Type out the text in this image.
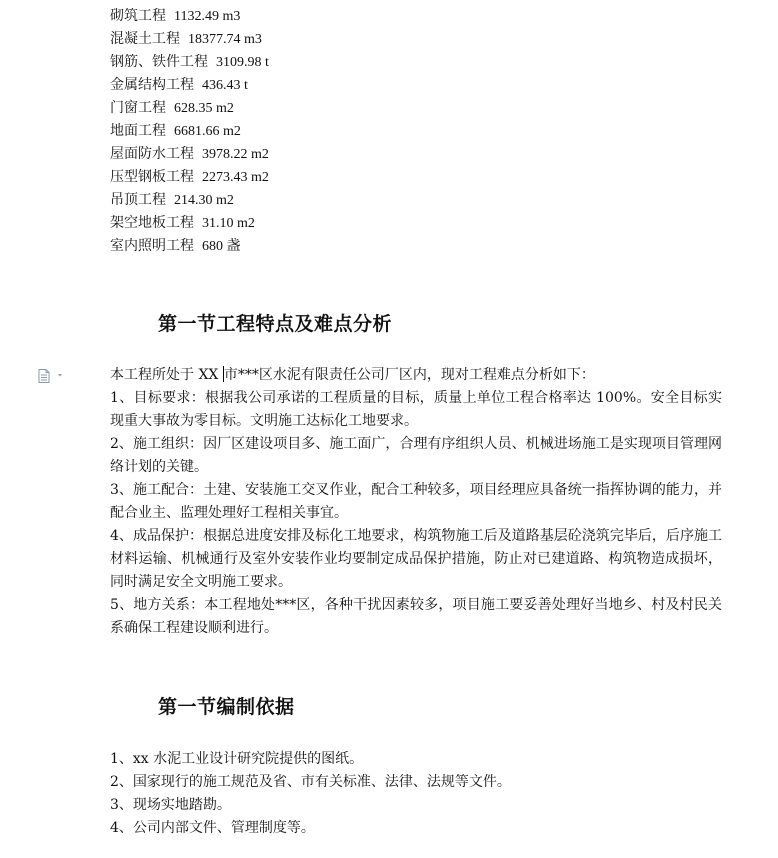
砌筑工程 1132.49 m3
混凝土工程 18377.74 m3
钢筋、铁件工程 3109.98 t
金属结构工程 436.43 t
门窗工程 628.35 m2
地面工程 6681.66 m2
屋面防水工程 3978.22 m2
压型钢板工程 2273.43 m2
吊顶工程 214.30 m2
架空地板工程 31.10 m2
室内照明工程 680 盏
第一节工程特点及难点分析

本工程所处于 XX 市***区水泥有限责任公司厂区内，现对工程难点分析如下：

1、目标要求：根据我公司承诺的工程质量的目标，质量上单位工程合格率达 100%。安全目标实现重大事故为零目标。文明施工达标化工地要求。

2、施工组织：因厂区建设项目多、施工面广，合理有序组织人员、机械进场施工是实现项目管理网络计划的关键。

3、施工配合：土建、安装施工交叉作业，配合工种较多，项目经理应具备统一指挥协调的能力，并配合业主、监理处理好工程相关事宜。

4、成品保护：根据总进度安排及标化工地要求，构筑物施工后及道路基层砼浇筑完毕后，后序施工材料运输、机械通行及室外安装作业均要制定成品保护措施，防止对已建道路、构筑物造成损坏，同时满足安全文明施工要求。

5、地方关系：本工程地处***区，各种干扰因素较多，项目施工要妥善处理好当地乡、村及村民关系确保工程建设顺利进行。

第一节编制依据
1、xx 水泥工业设计研究院提供的图纸。
2、国家现行的施工规范及省、市有关标准、法律、法规等文件。
3、现场实地踏勘。
4、公司内部文件、管理制度等。
